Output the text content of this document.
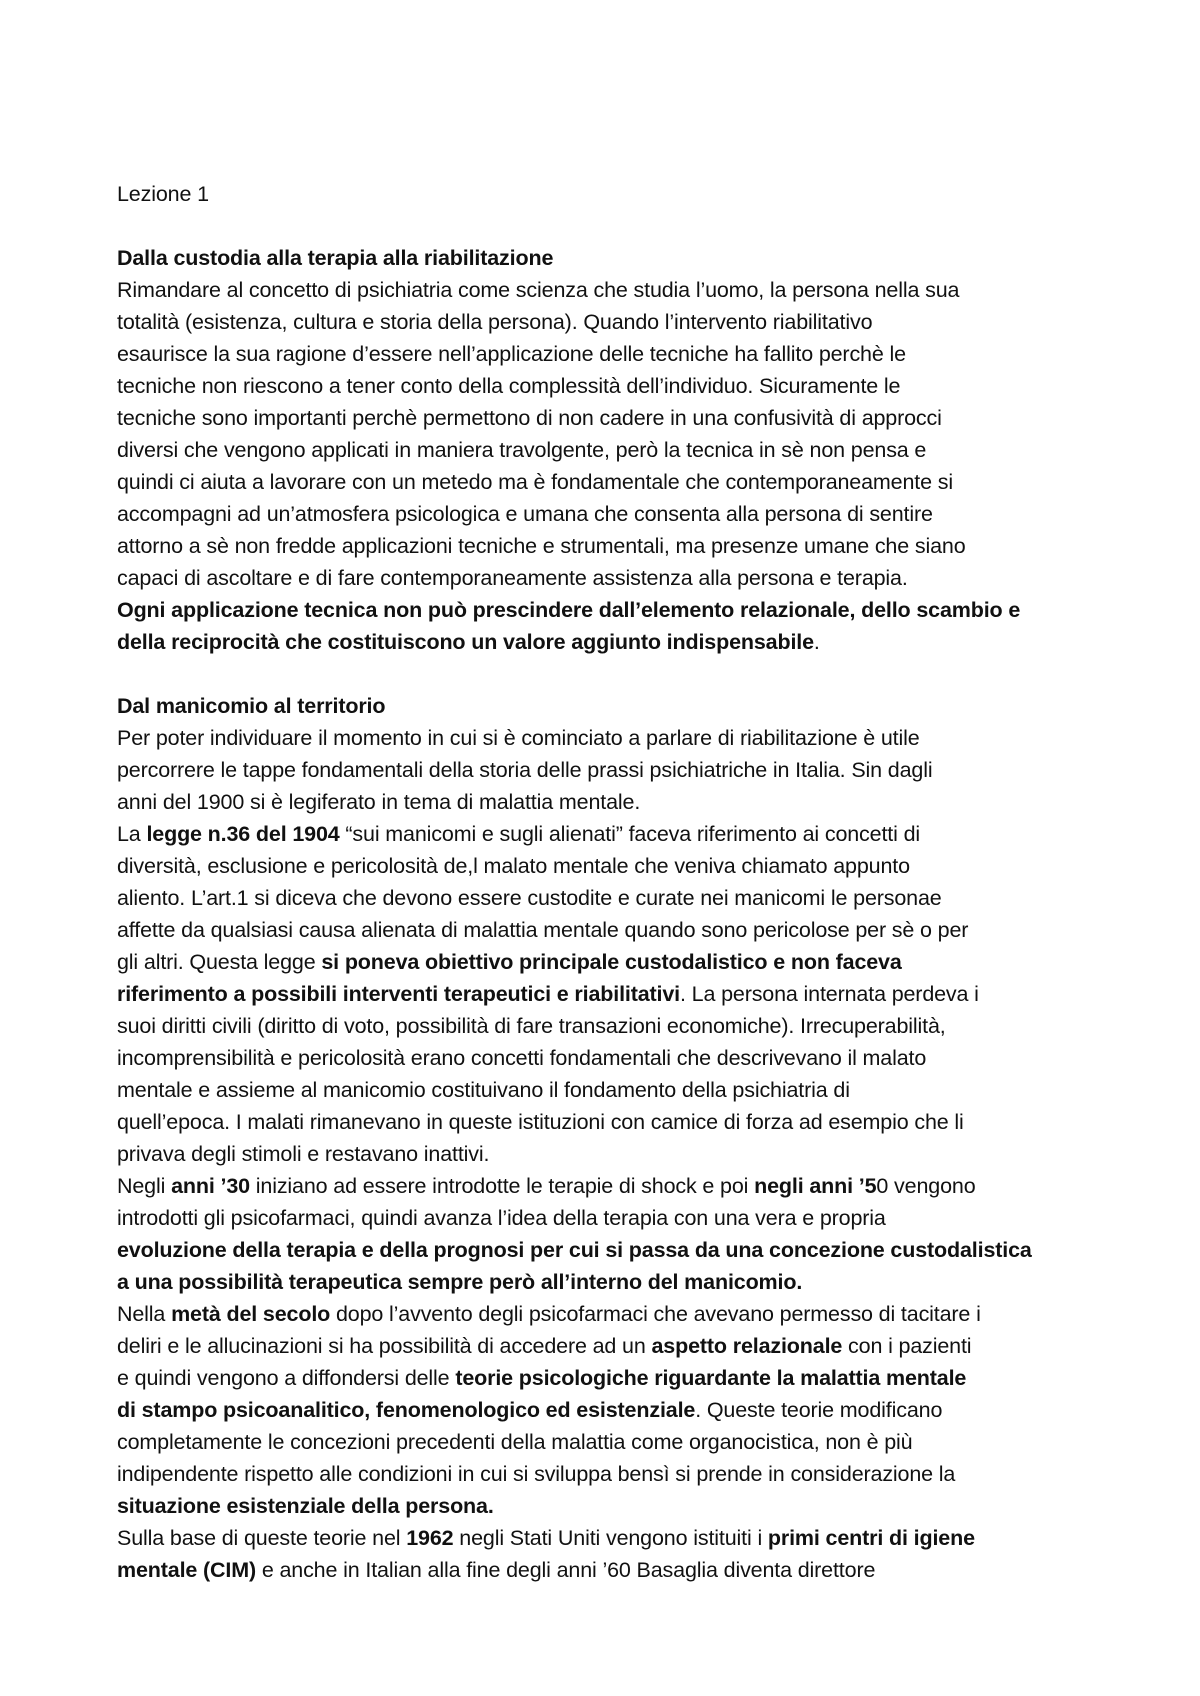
Lezione 1
Dalla custodia alla terapia alla riabilitazione
Rimandare al concetto di psichiatria come scienza che studia l’uomo, la persona nella sua
totalità (esistenza, cultura e storia della persona). Quando l’intervento riabilitativo
esaurisce la sua ragione d’essere nell’applicazione delle tecniche ha fallito perchè le
tecniche non riescono a tener conto della complessità dell’individuo. Sicuramente le
tecniche sono importanti perchè permettono di non cadere in una confusività di approcci
diversi che vengono applicati in maniera travolgente, però la tecnica in sè non pensa e
quindi ci aiuta a lavorare con un metedo ma è fondamentale che contemporaneamente si
accompagni ad un’atmosfera psicologica e umana che consenta alla persona di sentire
attorno a sè non fredde applicazioni tecniche e strumentali, ma presenze umane che siano
capaci di ascoltare e di fare contemporaneamente assistenza alla persona e terapia.
Ogni applicazione tecnica non può prescindere dall’elemento relazionale, dello scambio e
della reciprocità che costituiscono un valore aggiunto indispensabile.
Dal manicomio al territorio
Per poter individuare il momento in cui si è cominciato a parlare di riabilitazione è utile
percorrere le tappe fondamentali della storia delle prassi psichiatriche in Italia. Sin dagli
anni del 1900 si è legiferato in tema di malattia mentale.
La legge n.36 del 1904 “sui manicomi e sugli alienati” faceva riferimento ai concetti di
diversità, esclusione e pericolosità de,l malato mentale che veniva chiamato appunto
aliento. L’art.1 si diceva che devono essere custodite e curate nei manicomi le personae
affette da qualsiasi causa alienata di malattia mentale quando sono pericolose per sè o per
gli altri. Questa legge si poneva obiettivo principale custodalistico e non faceva
riferimento a possibili interventi terapeutici e riabilitativi. La persona internata perdeva i
suoi diritti civili (diritto di voto, possibilità di fare transazioni economiche). Irrecuperabilità,
incomprensibilità e pericolosità erano concetti fondamentali che descrivevano il malato
mentale e assieme al manicomio costituivano il fondamento della psichiatria di
quell’epoca. I malati rimanevano in queste istituzioni con camice di forza ad esempio che li
privava degli stimoli e restavano inattivi.
Negli anni ’30 iniziano ad essere introdotte le terapie di shock e poi negli anni ’50 vengono
introdotti gli psicofarmaci, quindi avanza l’idea della terapia con una vera e propria
evoluzione della terapia e della prognosi per cui si passa da una concezione custodalistica
a una possibilità terapeutica sempre però all’interno del manicomio.
Nella metà del secolo dopo l’avvento degli psicofarmaci che avevano permesso di tacitare i
deliri e le allucinazioni si ha possibilità di accedere ad un aspetto relazionale con i pazienti
e quindi vengono a diffondersi delle teorie psicologiche riguardante la malattia mentale
di stampo psicoanalitico, fenomenologico ed esistenziale. Queste teorie modificano
completamente le concezioni precedenti della malattia come organocistica, non è più
indipendente rispetto alle condizioni in cui si sviluppa bensì si prende in considerazione la
situazione esistenziale della persona.
Sulla base di queste teorie nel 1962 negli Stati Uniti vengono istituiti i primi centri di igiene
mentale (CIM) e anche in Italian alla fine degli anni ’60 Basaglia diventa direttore
